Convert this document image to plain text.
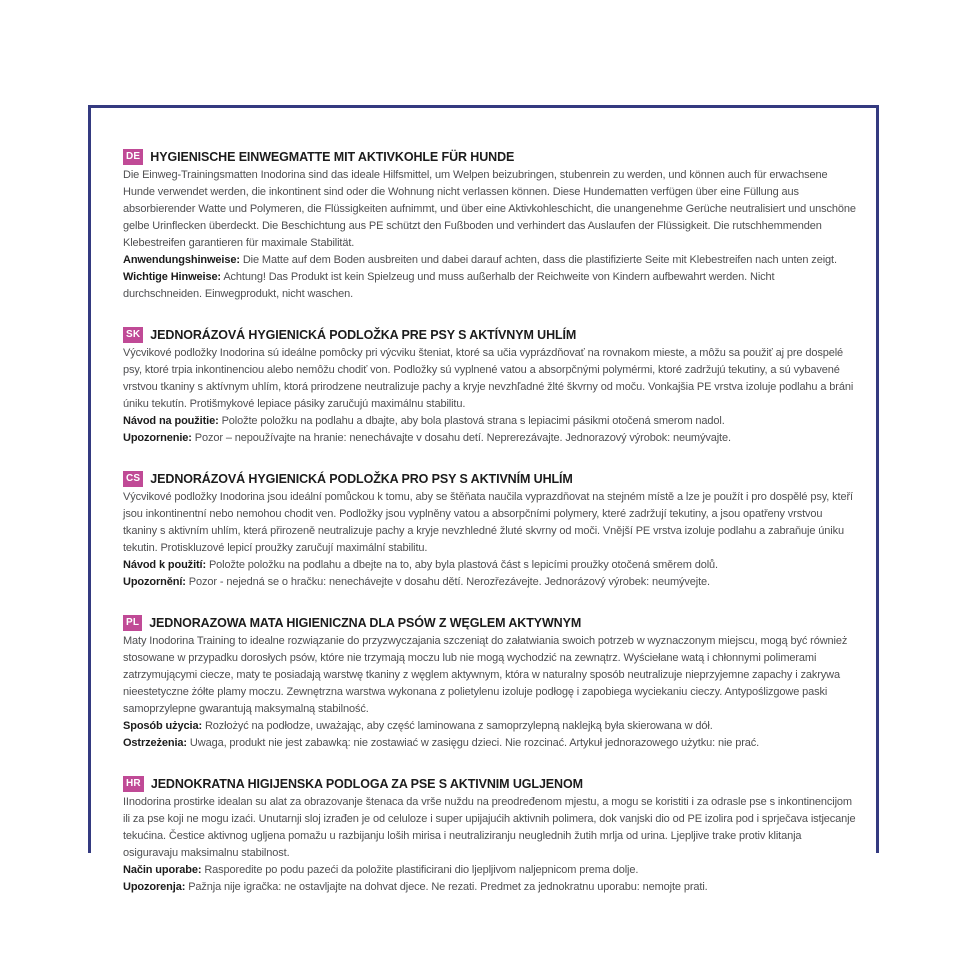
DE HYGIENISCHE EINWEGMATTE MIT AKTIVKOHLE FÜR HUNDE

Die Einweg-Trainingsmatten Inodorina sind das ideale Hilfsmittel, um Welpen beizubringen, stubenrein zu werden, und können auch für erwachsene Hunde verwendet werden, die inkontinent sind oder die Wohnung nicht verlassen können. Diese Hundematten verfügen über eine Füllung aus absorbierender Watte und Polymeren, die Flüssigkeiten aufnimmt, und über eine Aktivkohleschicht, die unangenehme Gerüche neutralisiert und unschöne gelbe Urinflecken überdeckt. Die Beschichtung aus PE schützt den Fußboden und verhindert das Auslaufen der Flüssigkeit. Die rutschhemmenden Klebestreifen garantieren für maximale Stabilität.

Anwendungshinweise: Die Matte auf dem Boden ausbreiten und dabei darauf achten, dass die plastifizierte Seite mit Klebestreifen nach unten zeigt.

Wichtige Hinweise: Achtung! Das Produkt ist kein Spielzeug und muss außerhalb der Reichweite von Kindern aufbewahrt werden. Nicht durchschneiden. Einwegprodukt, nicht waschen.

SK JEDNORÁZOVÁ HYGIENICKÁ PODLOŽKA PRE PSY S AKTÍVNYM UHLÍM

Výcvikové podložky Inodorina sú ideálne pomôcky pri výcviku šteniat, ktoré sa učia vyprázdňovať na rovnakom mieste, a môžu sa použiť aj pre dospelé psy, ktoré trpia inkontinenciou alebo nemôžu chodiť von. Podložky sú vyplnené vatou a absorpčnými polymérmi, ktoré zadržujú tekutiny, a sú vybavené vrstvou tkaniny s aktívnym uhlím, ktorá prirodzene neutralizuje pachy a kryje nevzhľadné žlté škvrny od moču. Vonkajšia PE vrstva izoluje podlahu a bráni úniku tekutín. Protišmykové lepiace pásiky zaručujú maximálnu stabilitu.

Návod na použitie: Položte položku na podlahu a dbajte, aby bola plastová strana s lepiacimi pásikmi otočená smerom nadol.

Upozornenie: Pozor – nepoužívajte na hranie: nenechávajte v dosahu detí. Neprerezávajte. Jednorazový výrobok: neumývajte.

CS JEDNORÁZOVÁ HYGIENICKÁ PODLOŽKA PRO PSY S AKTIVNÍM UHLÍM

Výcvikové podložky Inodorina jsou ideální pomůckou k tomu, aby se štěňata naučila vyprazdňovat na stejném místě a lze je použít i pro dospělé psy, kteří jsou inkontinentní nebo nemohou chodit ven. Podložky jsou vyplněny vatou a absorpčními polymery, které zadržují tekutiny, a jsou opatřeny vrstvou tkaniny s aktivním uhlím, která přirozeně neutralizuje pachy a kryje nevzhledné žluté skvrny od moči. Vnější PE vrstva izoluje podlahu a zabraňuje úniku tekutin. Protiskluzové lepicí proužky zaručují maximální stabilitu.

Návod k použití: Položte položku na podlahu a dbejte na to, aby byla plastová část s lepicími proužky otočená směrem dolů.

Upozornění: Pozor - nejedná se o hračku: nenechávejte v dosahu dětí. Nerozřezávejte. Jednorázový výrobek: neumývejte.

PL JEDNORAZOWA MATA HIGIENICZNA DLA PSÓW Z WĘGLEM AKTYWNYM

Maty Inodorina Training to idealne rozwiązanie do przyzwyczajania szczeniąt do załatwiania swoich potrzeb w wyznaczonym miejscu, mogą być również stosowane w przypadku dorosłych psów, które nie trzymają moczu lub nie mogą wychodzić na zewnątrz. Wyściełane watą i chłonnymi polimerami zatrzymującymi ciecze, maty te posiadają warstwę tkaniny z węglem aktywnym, która w naturalny sposób neutralizuje nieprzyjemne zapachy i zakrywa nieestetyczne żółte plamy moczu. Zewnętrzna warstwa wykonana z polietylenu izoluje podłogę i zapobiega wyciekaniu cieczy. Antypoślizgowe paski samoprzylepne gwarantują maksymalną stabilność.

Sposób użycia: Rozłożyć na podłodze, uważając, aby część laminowana z samoprzylepną naklejką była skierowana w dół.

Ostrzeżenia: Uwaga, produkt nie jest zabawką: nie zostawiać w zasięgu dzieci. Nie rozcinać. Artykuł jednorazowego użytku: nie prać.

HR JEDNOKRATNA HIGIJENSKA PODLOGA ZA PSE S AKTIVNIM UGLJENOM

IInodorina prostirke idealan su alat za obrazovanje štenaca da vrše nuždu na preodređenom mjestu, a mogu se koristiti i za odrasle pse s inkontinencijom ili za pse koji ne mogu izaći. Unutarnji sloj izrađen je od celuloze i super upijajućih aktivnih polimera, dok vanjski dio od PE izolira pod i sprječava istjecanje tekućina. Čestice aktivnog ugljena pomažu u razbijanju loših mirisa i neutraliziranju neuglednih žutih mrlja od urina. Ljepljive trake protiv klitanja osiguravaju maksimalnu stabilnost.

Način uporabe: Rasporedite po podu pazeći da položite plastificirani dio ljepljivom naljepnicom prema dolje.

Upozorenja: Pažnja nije igračka: ne ostavljajte na dohvat djece. Ne rezati. Predmet za jednokratnu uporabu: nemojte prati.
